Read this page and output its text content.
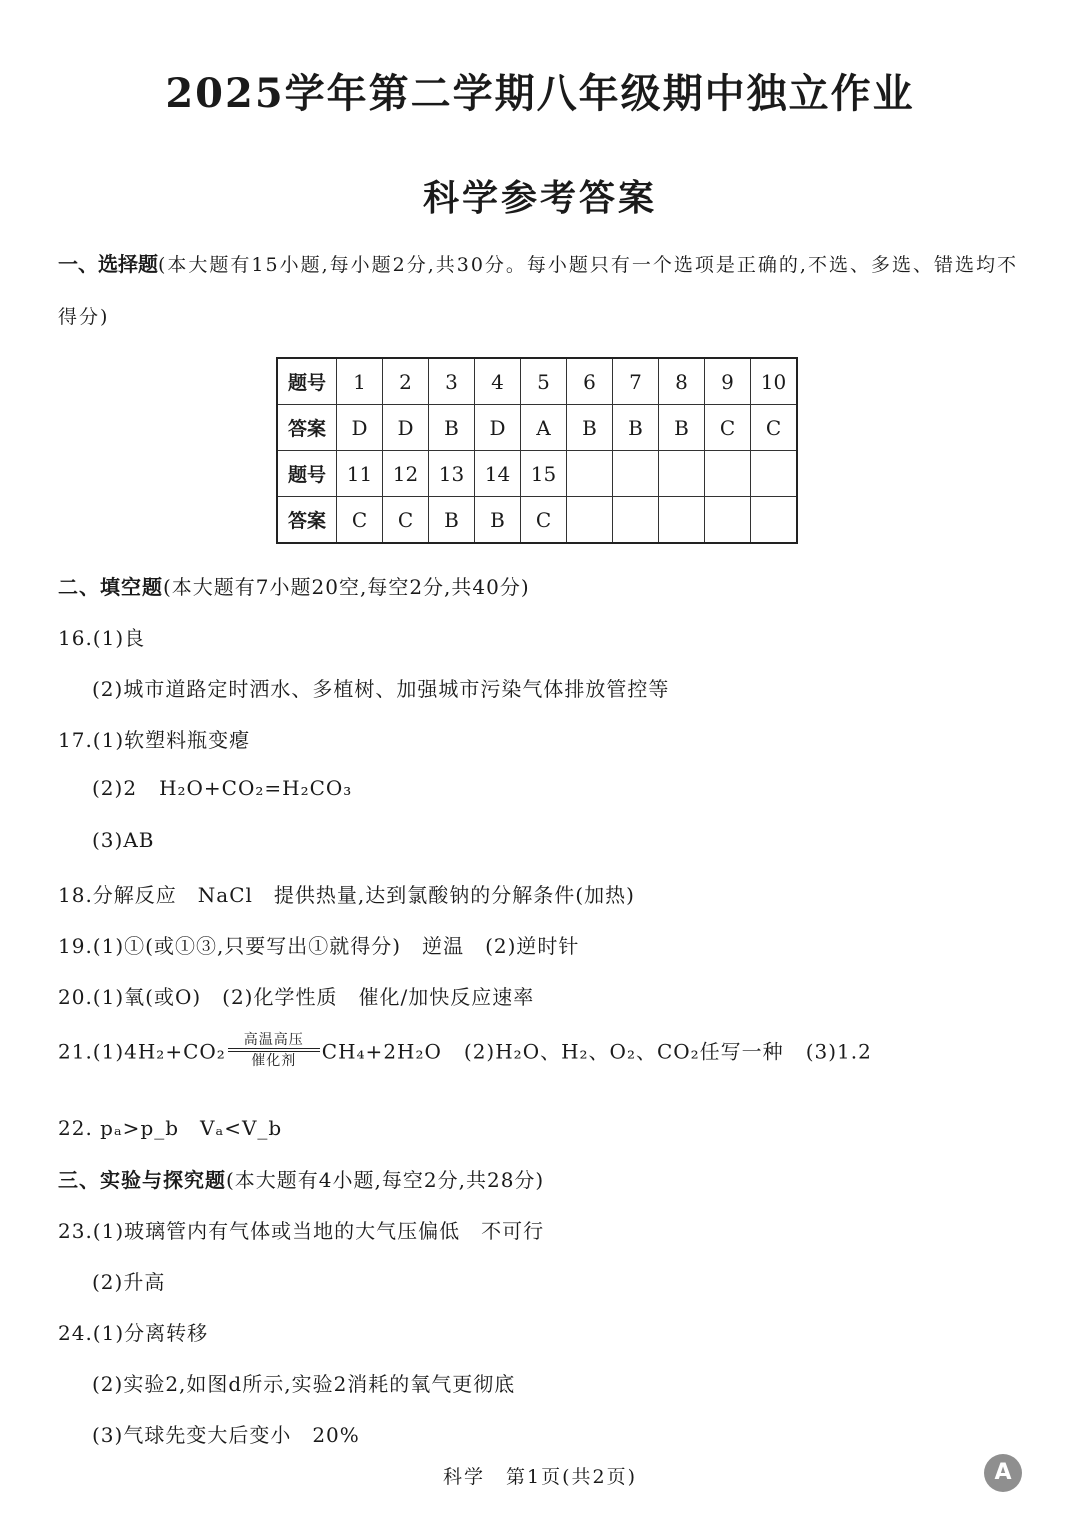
2025学年第二学期八年级期中独立作业
科学参考答案
一、选择题(本大题有15小题,每小题2分,共30分。每小题只有一个选项是正确的,不选、多选、错选均不得分)
题号	1	2	3	4	5	6	7	8	9	10
答案	D	D	B	D	A	B	B	B	C	C
题号	11	12	13	14	15					
答案	C	C	B	B	C					
二、填空题(本大题有7小题20空,每空2分,共40分)
16.(1)良
(2)城市道路定时洒水、多植树、加强城市污染气体排放管控等
17.(1)软塑料瓶变瘪
(2)2 H₂O+CO₂=H₂CO₃
(3)AB
18.分解反应　NaCl　提供热量,达到氯酸钠的分解条件(加热)
19.(1)①(或①③,只要写出①就得分)　逆温　(2)逆时针
20.(1)氧(或O)　(2)化学性质　催化/加快反应速率
$21.(1)4H_2+CO_2 \frac{\text{高温高压}}{\text{催化剂}} CH_4+2H_2O$ (2)H₂O、H₂、O₂、CO₂任写一种 (3)1.2
22. pₐ>p_b　Vₐ<V_b
三、实验与探究题(本大题有4小题,每空2分,共28分)
23.(1)玻璃管内有气体或当地的大气压偏低　不可行
(2)升高
24.(1)分离转移
(2)实验2,如图d所示,实验2消耗的氧气更彻底
(3)气球先变大后变小　20%
科学　第1页(共2页)	A
